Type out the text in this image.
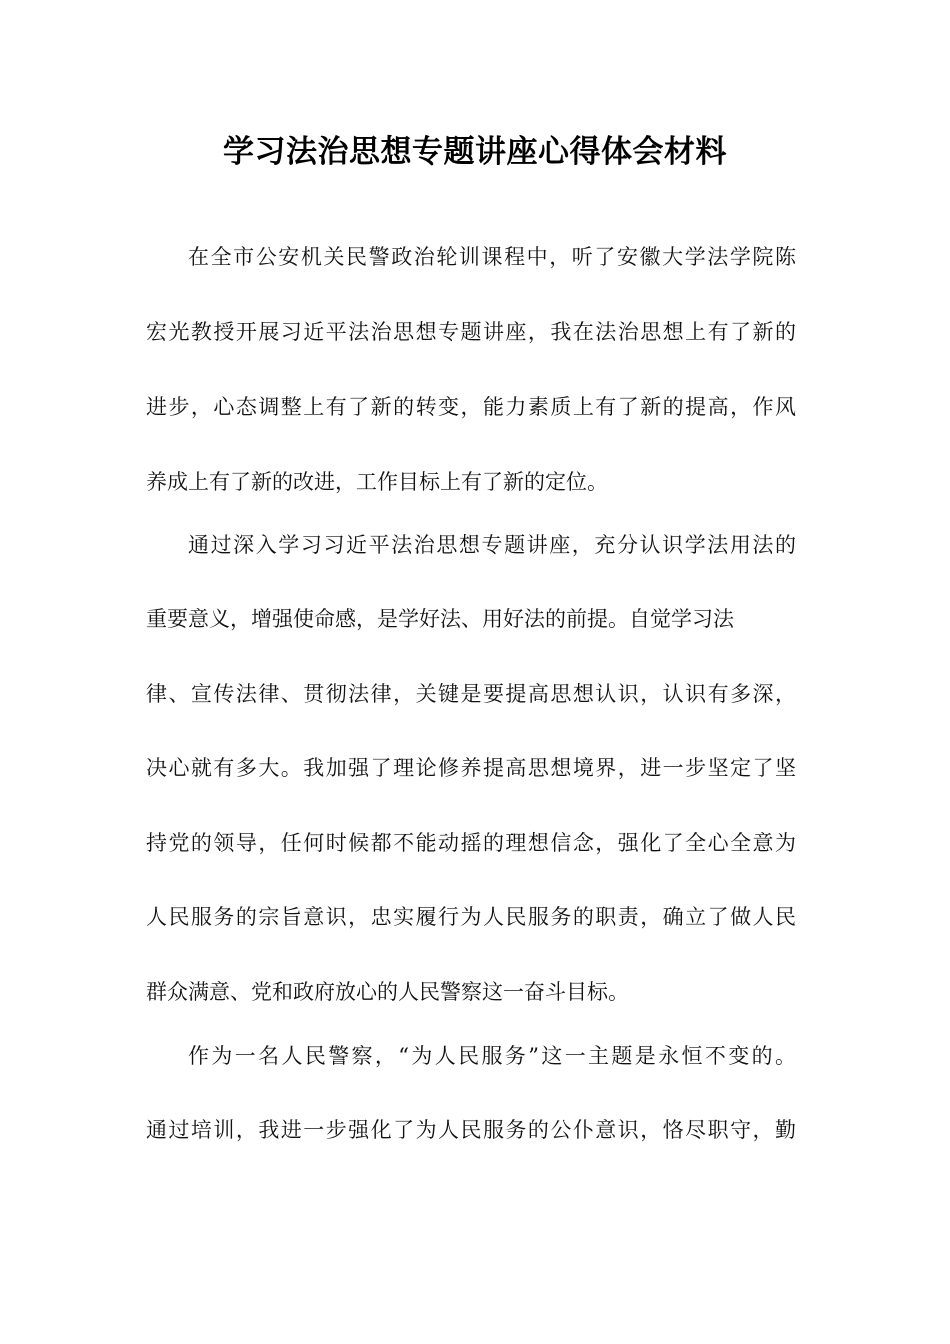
学习法治思想专题讲座心得体会材料
在全市公安机关民警政治轮训课程中，听了安徽大学法学院陈
宏光教授开展习近平法治思想专题讲座，我在法治思想上有了新的
进步，心态调整上有了新的转变，能力素质上有了新的提高，作风
养成上有了新的改进，工作目标上有了新的定位。
通过深入学习习近平法治思想专题讲座，充分认识学法用法的
重要意义，增强使命感，是学好法、用好法的前提。自觉学习法
律、宣传法律、贯彻法律，关键是要提高思想认识，认识有多深，
决心就有多大。我加强了理论修养提高思想境界，进一步坚定了坚
持党的领导，任何时候都不能动摇的理想信念，强化了全心全意为
人民服务的宗旨意识，忠实履行为人民服务的职责，确立了做人民
群众满意、党和政府放心的人民警察这一奋斗目标。
作为一名人民警察，“为人民服务”这一主题是永恒不变的。
通过培训，我进一步强化了为人民服务的公仆意识，恪尽职守，勤
